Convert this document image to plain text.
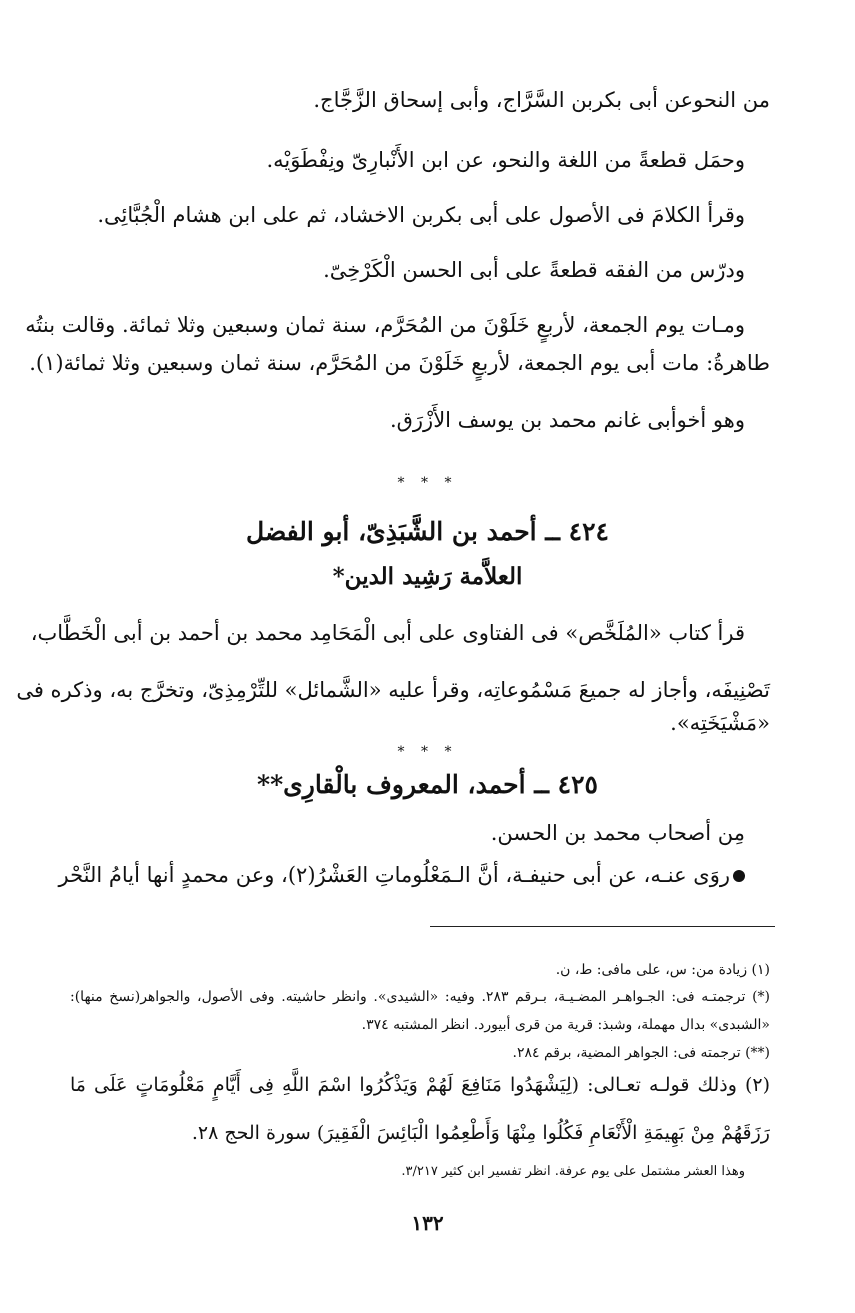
من النحوعن أبى بكربن السَّرَّاج، وأبى إسحاق الزَّجَّاج.
وحمَل قطعةً من اللغة والنحو، عن ابن الأَنْبارِىّ ونِفْطَوَيْه.
وقرأ الكلامَ فى الأصول على أبى بكربن الاخشاد، ثم على ابن هشام الْجُبَّائِى.
ودرّس من الفقه قطعةً على أبى الحسن الْكَرْخِىّ.
ومـات يوم الجمعة، لأربعٍ خَلَوْنَ من المُحَرَّم، سنة ثمان وسبعين وثلا ثمائة. وقالت بنتُه
طاهرةُ: مات أبى يوم الجمعة، لأربعٍ خَلَوْنَ من المُحَرَّم، سنة ثمان وسبعين وثلا ثمائة(١).
وهو أخوأبى غانم محمد بن يوسف الأَزْرَق.
* * *
٤٢٤ ــ أحمد بن الشَّبَذِىّ، أبو الفضل
العلاَّمة رَشِيد الدين*
قرأ كتاب «المُلَخَّص» فى الفتاوى على أبى الْمَحَامِد محمد بن أحمد بن أبى الْخَطَّاب،
تَصْنِيفَه، وأجاز له جميعَ مَسْمُوعاتِه، وقرأ عليه «الشَّمائل» للتِّرْمِذِىّ، وتخرَّج به، وذكره فى
«مَشْيَخَتِه».
* * *
٤٢٥ ــ أحمد، المعروف بالْقارِى**
مِن أصحاب محمد بن الحسن.
روَى عنـه، عن أبى حنيفـة، أنَّ الـمَعْلُوماتِ العَشْرُ(٢)، وعن محمدٍ أنها أيامُ النَّحْر
(١) زيادة من: س، على مافى: ط، ن.
(*) ترجمتـه فى: الجـواهـر المضـيـة، بـرقم ٢٨٣. وفيه: «الشيدى». وانظر حاشيته. وفى الأصول، والجواهر(نسخ منها):
«الشبدى» بدال مهملة، وشبذ: قرية من قرى أبيورد. انظر المشتبه ٣٧٤.
(**) ترجمته فى: الجواهر المضية، برقم ٢٨٤.
(٢) وذلك قولـه تعـالى: (لِيَشْهَدُوا مَنَافِعَ لَهُمْ وَيَذْكُرُوا اسْمَ اللَّهِ فِى أَيَّامٍ مَعْلُومَاتٍ عَلَى مَا
رَزَقَهُمْ مِنْ بَهِيمَةِ الْأَنْعَامِ فَكُلُوا مِنْهَا وَأَطْعِمُوا الْبَائِسَ الْفَقِيرَ) سورة الحج ٢٨.
وهذا العشر مشتمل على يوم عرفة. انظر تفسير ابن كثير ٣/٢١٧.
١٣٢
